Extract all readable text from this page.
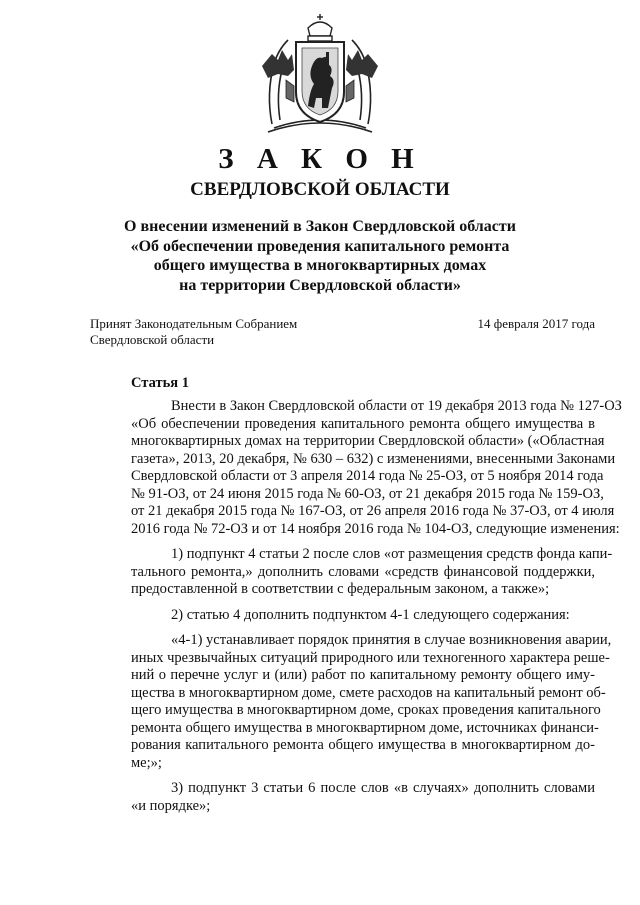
З А К О Н
СВЕРДЛОВСКОЙ ОБЛАСТИ
О внесении изменений в Закон Свердловской области
«Об обеспечении проведения капитального ремонта
общего имущества в многоквартирных домах
на территории Свердловской области»
Принят Законодательным Собранием
Свердловской области
14 февраля 2017 года
Статья 1

Внести в Закон Свердловской области от 19 декабря 2013 года № 127-ОЗ
«Об обеспечении проведения капитального ремонта общего имущества в
многоквартирных домах на территории Свердловской области» («Областная
газета», 2013, 20 декабря, № 630 – 632) с изменениями, внесенными Законами
Свердловской области от 3 апреля 2014 года № 25-ОЗ, от 5 ноября 2014 года
№ 91-ОЗ, от 24 июня 2015 года № 60-ОЗ, от 21 декабря 2015 года № 159-ОЗ,
от 21 декабря 2015 года № 167-ОЗ, от 26 апреля 2016 года № 37-ОЗ, от 4 июля
2016 года № 72-ОЗ и от 14 ноября 2016 года № 104-ОЗ, следующие изменения:

1) подпункт 4 статьи 2 после слов «от размещения средств фонда капи-
тального ремонта,» дополнить словами «средств финансовой поддержки,
предоставленной в соответствии с федеральным законом, а также»;

2) статью 4 дополнить подпунктом 4-1 следующего содержания:

«4-1) устанавливает порядок принятия в случае возникновения аварии,
иных чрезвычайных ситуаций природного или техногенного характера реше-
ний о перечне услуг и (или) работ по капитальному ремонту общего иму-
щества в многоквартирном доме, смете расходов на капитальный ремонт об-
щего имущества в многоквартирном доме, сроках проведения капитального
ремонта общего имущества в многоквартирном доме, источниках финанси-
рования капитального ремонта общего имущества в многоквартирном до-
ме;»;

3) подпункт 3 статьи 6 после слов «в случаях» дополнить словами
«и порядке»;
